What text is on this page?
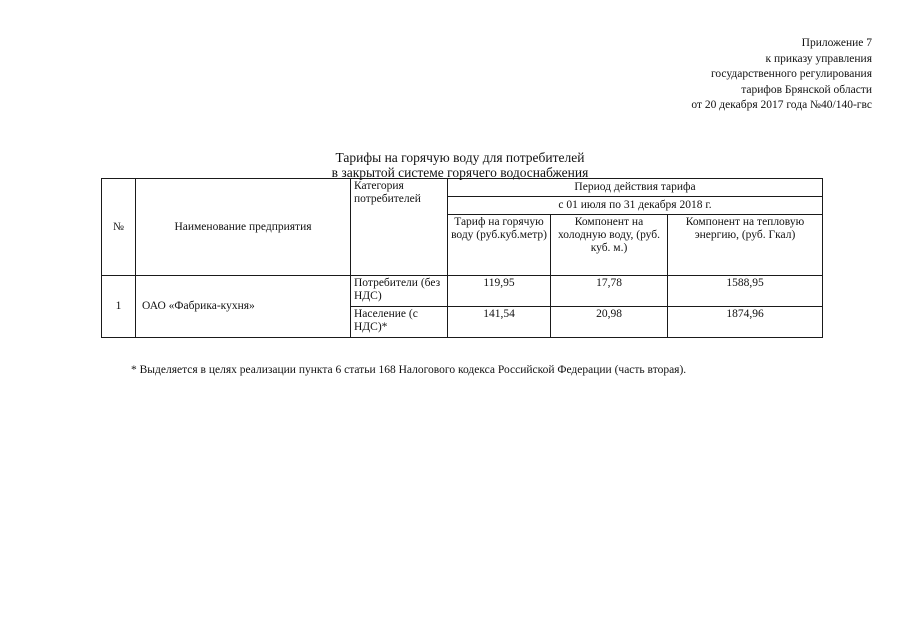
Приложение 7
к приказу управления
государственного регулирования
тарифов Брянской области
от 20 декабря 2017 года №40/140-гвс
Тарифы на горячую воду для потребителей
в закрытой системе горячего водоснабжения
№	Наименование предприятия	Категория потребителей	Период действия тарифа		
			с 01 июля по 31 декабря 2018 г.		
			Тариф на горячую воду (руб.куб.метр)	Компонент на холодную воду, (руб. куб. м.)	Компонент на тепловую энергию, (руб. Гкал)
1	ОАО «Фабрика-кухня»	Потребители (без НДС)	119,95	17,78	1588,95
		Население (с НДС)*	141,54	20,98	1874,96
* Выделяется в целях реализации пункта 6 статьи 168 Налогового кодекса Российской Федерации (часть вторая).
